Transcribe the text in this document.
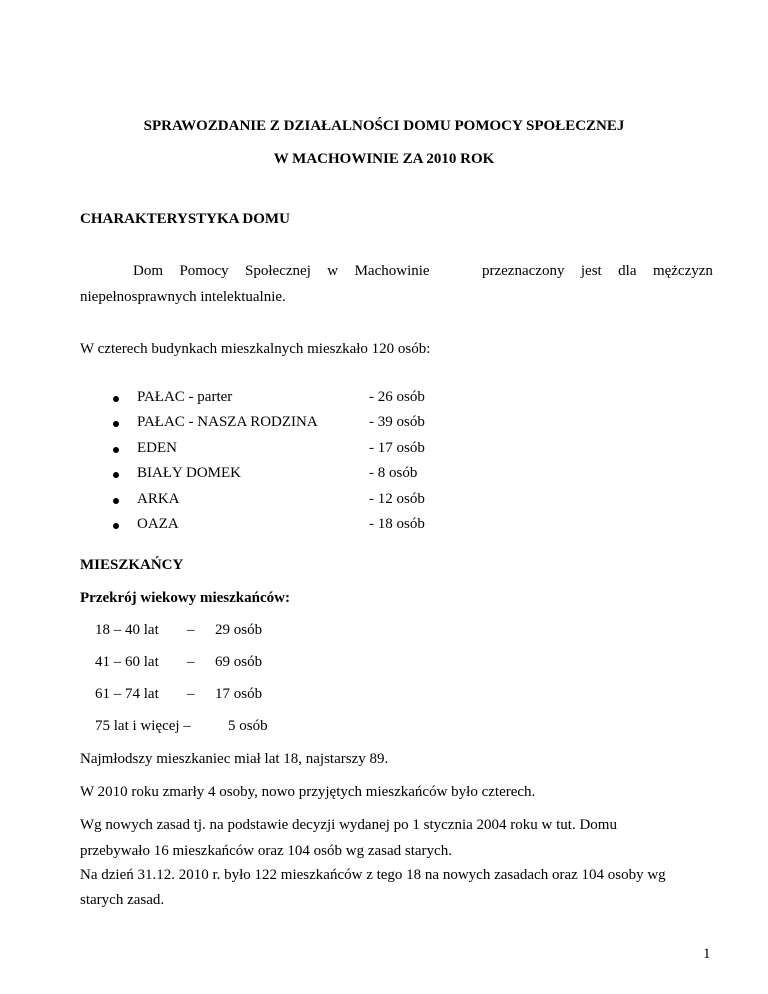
SPRAWOZDANIE Z DZIAŁALNOŚCI DOMU POMOCY SPOŁECZNEJ
W MACHOWINIE ZA 2010 ROK
CHARAKTERYSTYKA DOMU
Dom Pomocy Społecznej w Machowinie	przeznaczony jest dla mężczyzn
niepełnosprawnych intelektualnie.
W czterech budynkach mieszkalnych mieszkało 120 osób:
PAŁAC - parter	- 26 osób
PAŁAC - NASZA RODZINA	- 39 osób
EDEN	- 17 osób
BIAŁY DOMEK	- 8 osób
ARKA	- 12 osób
OAZA	- 18 osób
MIESZKAŃCY
Przekrój wiekowy mieszkańców:
18 – 40 lat – 29 osób
41 – 60 lat – 69 osób
61 – 74 lat – 17 osób
75 lat i więcej – 5 osób
Najmłodszy mieszkaniec miał lat 18, najstarszy 89.
W 2010 roku zmarły 4 osoby, nowo przyjętych mieszkańców było czterech.
Wg nowych zasad tj. na podstawie decyzji wydanej po 1 stycznia 2004 roku w tut. Domu
przebywało 16 mieszkańców oraz 104 osób wg zasad starych.
Na dzień 31.12. 2010 r. było 122 mieszkańców z tego 18 na nowych zasadach oraz 104 osoby wg
starych zasad.
1
